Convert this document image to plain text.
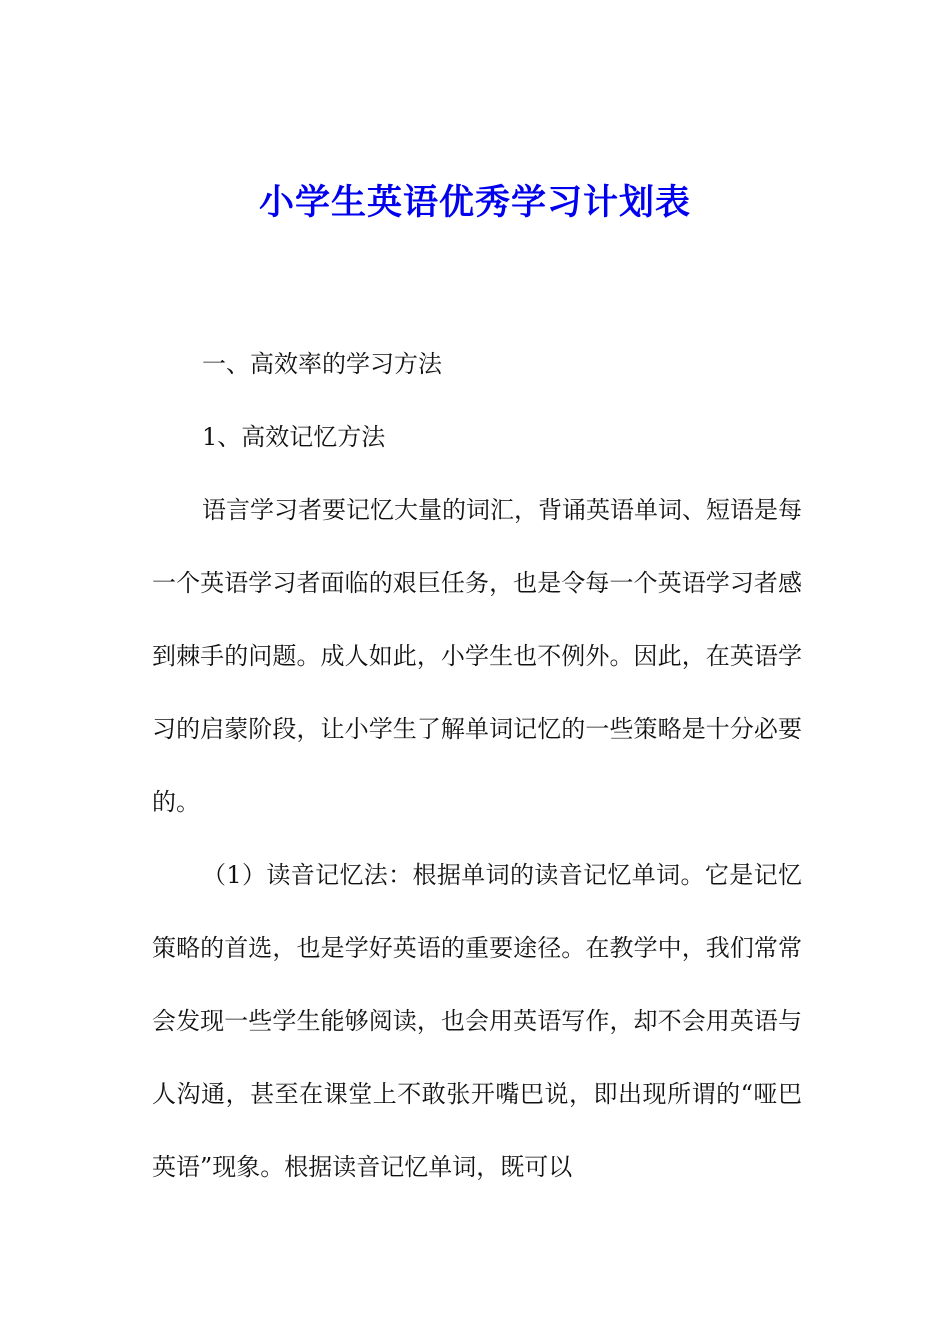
小学生英语优秀学习计划表

一、高效率的学习方法

1、高效记忆方法

语言学习者要记忆大量的词汇，背诵英语单词、短语是每一个英语学习者面临的艰巨任务，也是令每一个英语学习者感到棘手的问题。成人如此，小学生也不例外。因此，在英语学习的启蒙阶段，让小学生了解单词记忆的一些策略是十分必要的。

（1）读音记忆法：根据单词的读音记忆单词。它是记忆策略的首选，也是学好英语的重要途径。在教学中，我们常常会发现一些学生能够阅读，也会用英语写作，却不会用英语与人沟通，甚至在课堂上不敢张开嘴巴说，即出现所谓的“哑巴英语”现象。根据读音记忆单词，既可以
